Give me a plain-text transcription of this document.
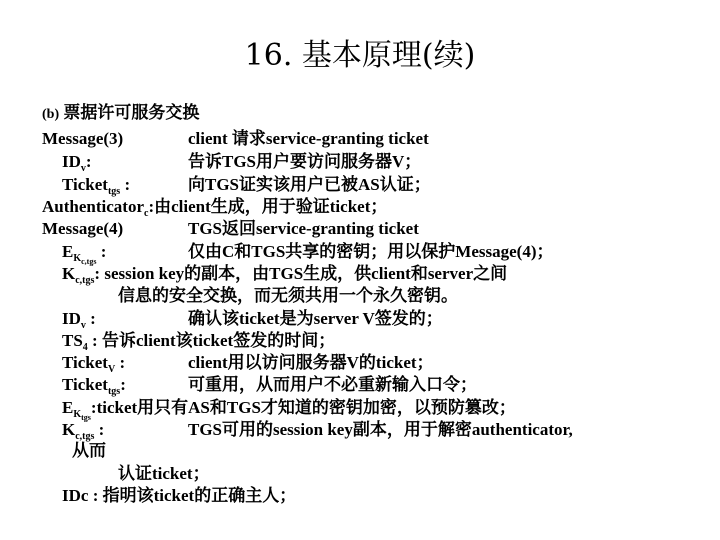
16. 基本原理(续)
(b) 票据许可服务交换
Message(3)	client 请求service-granting ticket
$ID_v$:	告诉TGS用户要访问服务器V；
Ticket$_{tgs}$ :	向TGS证实该用户已被AS认证；
Authenticator$_c$:由client生成，用于验证ticket；
Message(4)	TGS返回service-granting ticket
$E_{K_{c,tgs}}$ :	仅由C和TGS共享的密钥；用以保护Message(4)；
$K_{c,tgs}$: session key的副本，由TGS生成，供client和server之间
信息的安全交换，而无须共用一个永久密钥。
$ID_v$ :	确认该ticket是为server V签发的；
$TS_4$ : 告诉client该ticket签发的时间；
Ticket$_V$ :	client用以访问服务器V的ticket；
Ticket$_{tgs}$:	可重用，从而用户不必重新输入口令；
$E_{K_{tgs}}:ticket$用只有AS和TGS才知道的密钥加密，以预防篡改；
$K_{c,tgs}$ :	TGS可用的session key副本，用于解密authenticator,
从而
认证ticket；
IDc : 指明该ticket的正确主人；
